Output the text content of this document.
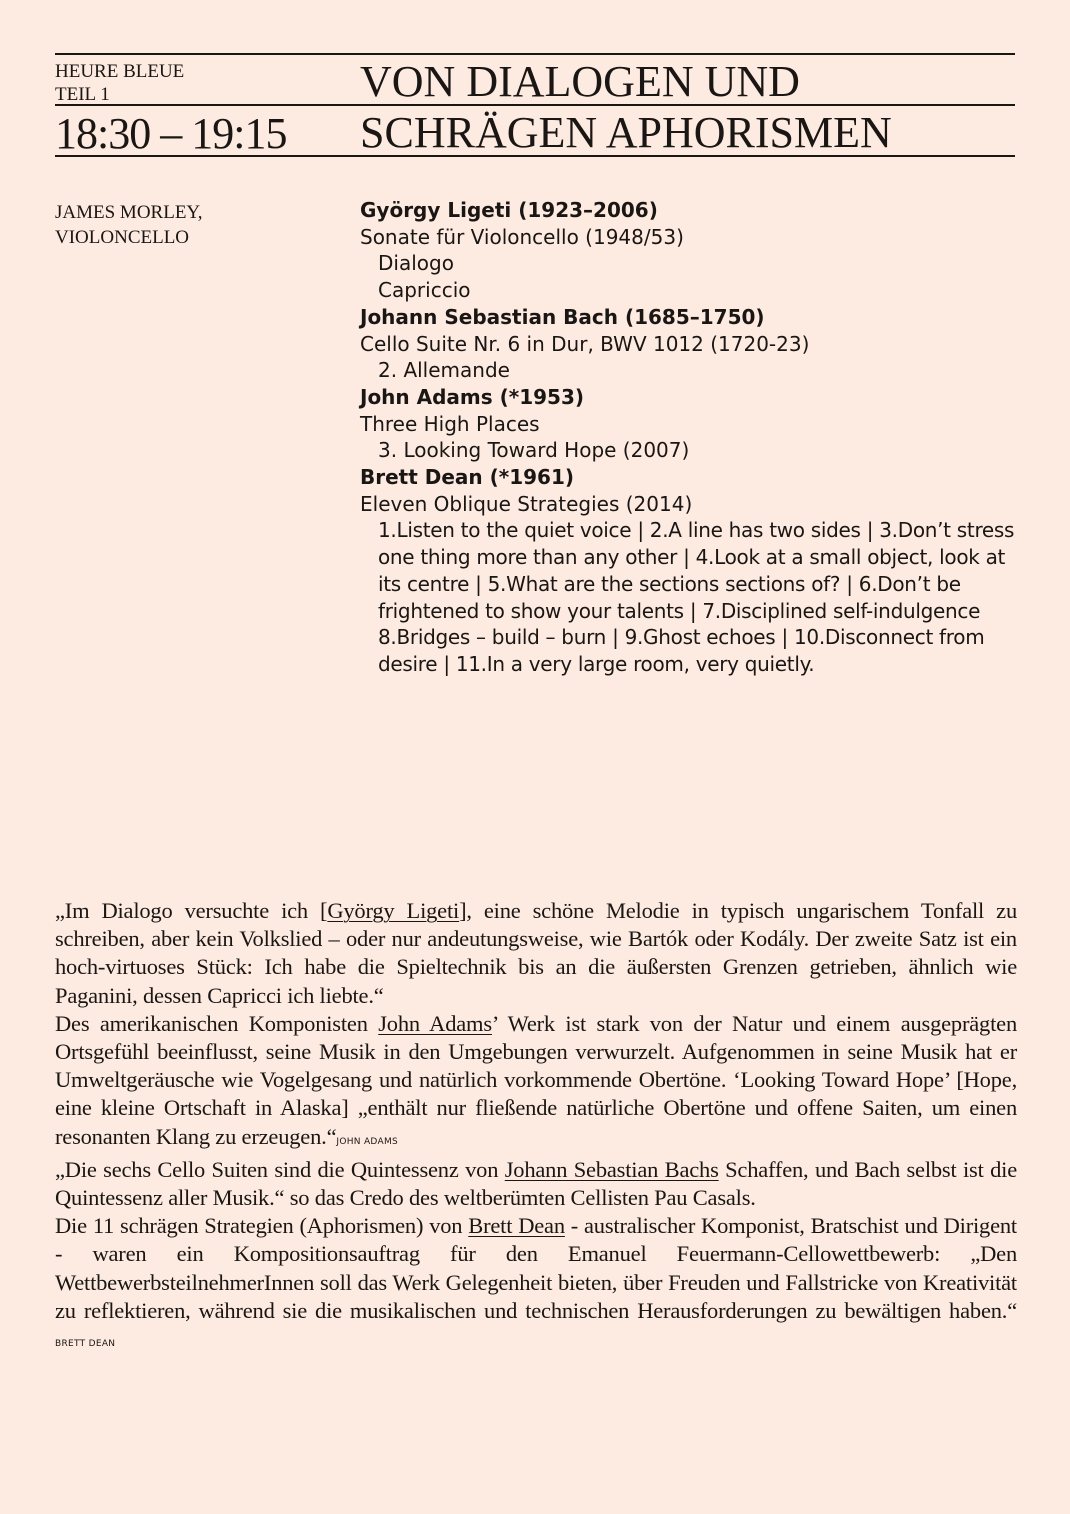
HEURE BLEUE
TEIL 1
18:30 – 19:15
VON DIALOGEN UND
SCHRÄGEN APHORISMEN
JAMES MORLEY,
VIOLONCELLO
György Ligeti (1923–2006)
Sonate für Violoncello (1948/53)
Dialogo
Capriccio
Johann Sebastian Bach (1685–1750)
Cello Suite Nr. 6 in Dur, BWV 1012 (1720-23)
2. Allemande
John Adams (*1953)
Three High Places
3. Looking Toward Hope (2007)
Brett Dean (*1961)
Eleven Oblique Strategies (2014)
1.Listen to the quiet voice | 2.A line has two sides | 3.Don’t stress one thing more than any other | 4.Look at a small object, look at its centre | 5.What are the sections sections of? | 6.Don’t be frightened to show your talents | 7.Disciplined self-indulgence 8.Bridges – build – burn | 9.Ghost echoes | 10.Disconnect from desire | 11.In a very large room, very quietly.

„Im Dialogo versuchte ich [György Ligeti], eine schöne Melodie in typisch ungarischem Tonfall zu schreiben, aber kein Volkslied – oder nur andeutungsweise, wie Bartók oder Kodály. Der zweite Satz ist ein hoch-virtuoses Stück: Ich habe die Spieltechnik bis an die äußersten Grenzen getrieben, ähnlich wie Paganini, dessen Capricci ich liebte.“

Des amerikanischen Komponisten John Adams’ Werk ist stark von der Natur und einem ausgeprägten Ortsgefühl beeinflusst, seine Musik in den Umgebungen verwurzelt. Aufgenommen in seine Musik hat er Umweltgeräusche wie Vogelgesang und natürlich vorkommende Obertöne. ‘Looking Toward Hope’ [Hope, eine kleine Ortschaft in Alaska] „enthält nur fließende natürliche Obertöne und offene Saiten, um einen resonanten Klang zu erzeugen.“JOHN ADAMS

„Die sechs Cello Suiten sind die Quintessenz von Johann Sebastian Bachs Schaffen, und Bach selbst ist die Quintessenz aller Musik.“ so das Credo des weltberümten Cellisten Pau Casals.

Die 11 schrägen Strategien (Aphorismen) von Brett Dean - australischer Komponist, Bratschist und Dirigent - waren ein Kompositionsauftrag für den Emanuel Feuermann-Cellowettbewerb: „Den WettbewerbsteilnehmerInnen soll das Werk Gelegenheit bieten, über Freuden und Fallstricke von Kreativität zu reflektieren, während sie die musikalischen und technischen Herausforderungen zu bewältigen haben.“ BRETT DEAN
